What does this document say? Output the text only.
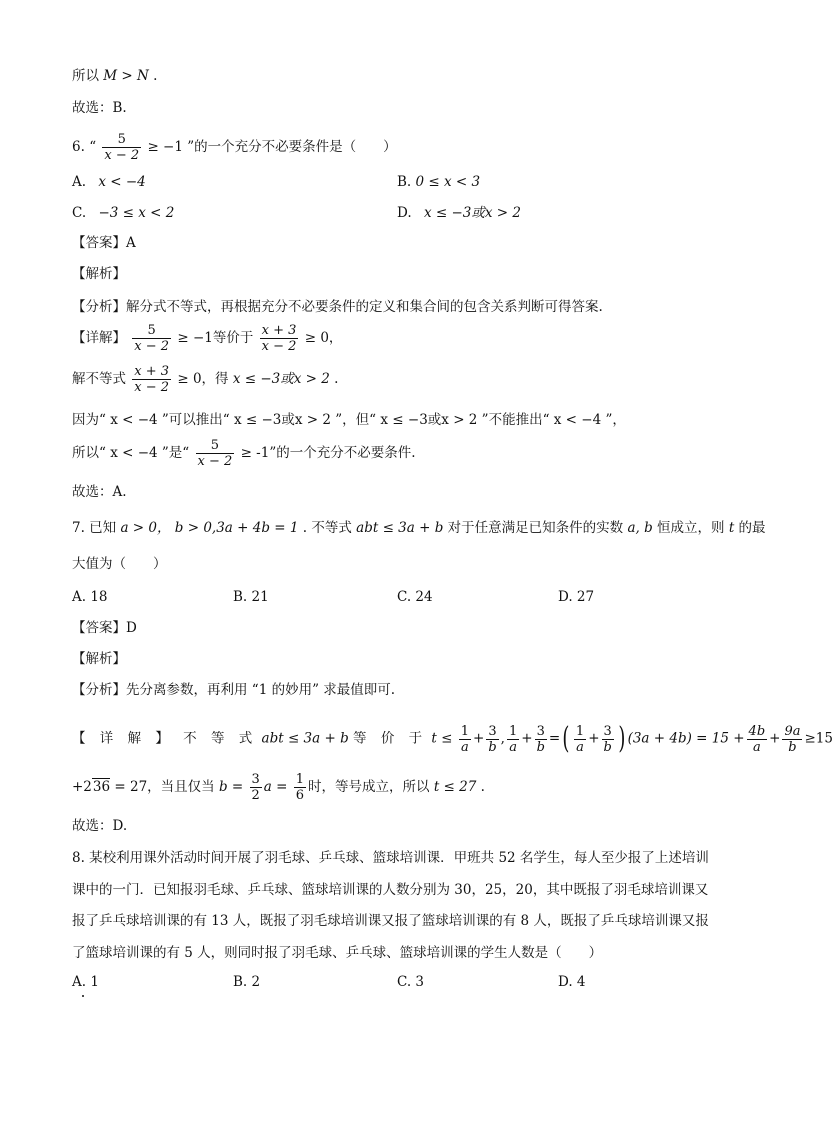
所以 M > N .
故选：B.
6. “ $\frac{5}{x - 2} \ge -1$ ”的一个充分不必要条件是（　　）
A. x < −4	B. 0 ≤ x < 3
C. −3 ≤ x < 2	D. x ≤ −3或x > 2
【答案】A
【解析】
【分析】解分式不等式，再根据充分不必要条件的定义和集合间的包含关系判断可得答案.
【详解】 $\frac{5}{x - 2} \ge -1$等价于 $\frac{x + 3}{x - 2} \ge 0$，
解不等式 $\frac{x + 3}{x - 2} \ge 0$，得 x ≤ −3或x > 2 .
因为“ x < −4 ”可以推出“ x ≤ −3或x > 2 ”，但“ x ≤ −3或x > 2 ”不能推出“ x < −4 ”，
所以“ x < −4 ”是“ $\frac{5}{x - 2} \ge -1$”的一个充分不必要条件.
故选：A.
7. 已知 a > 0， b > 0,3a + 4b = 1 . 不等式 abt ≤ 3a + b 对于任意满足已知条件的实数 a, b 恒成立，则 t 的最
大值为（　　）
A. 18	B. 21	C. 24	D. 27
【答案】D
【解析】
【分析】先分离参数，再利用 “1 的妙用” 求最值即可.
【 详 解 】 不 等 式 abt ≤ 3a + b 等 价 于 $t \le \frac{1}{a} + \frac{3}{b}$ , $\frac{1}{a} + \frac{3}{b}$ =( $\frac{1}{a} + \frac{3}{b}$ ) $(3a + 4b) = 15 + \frac{4b}{a} + \frac{9a}{b} \ge 15$
+236 = 27，当且仅当 $b = \frac{3}{2}$ $a = \frac{1}{6}$ 时，等号成立，所以 t ≤ 27 .
故选：D.
8. 某校利用课外活动时间开展了羽毛球、乒乓球、篮球培训课．甲班共 52 名学生，每人至少报了上述培训
课中的一门．已知报羽毛球、乒乓球、篮球培训课的人数分别为 30，25，20，其中既报了羽毛球培训课又
报了乒乓球培训课的有 13 人，既报了羽毛球培训课又报了篮球培训课的有 8 人，既报了乒乓球培训课又报
了篮球培训课的有 5 人，则同时报了羽毛球、乒乓球、篮球培训课的学生人数是（　　）
A. 1	B. 2	C. 3	D. 4
